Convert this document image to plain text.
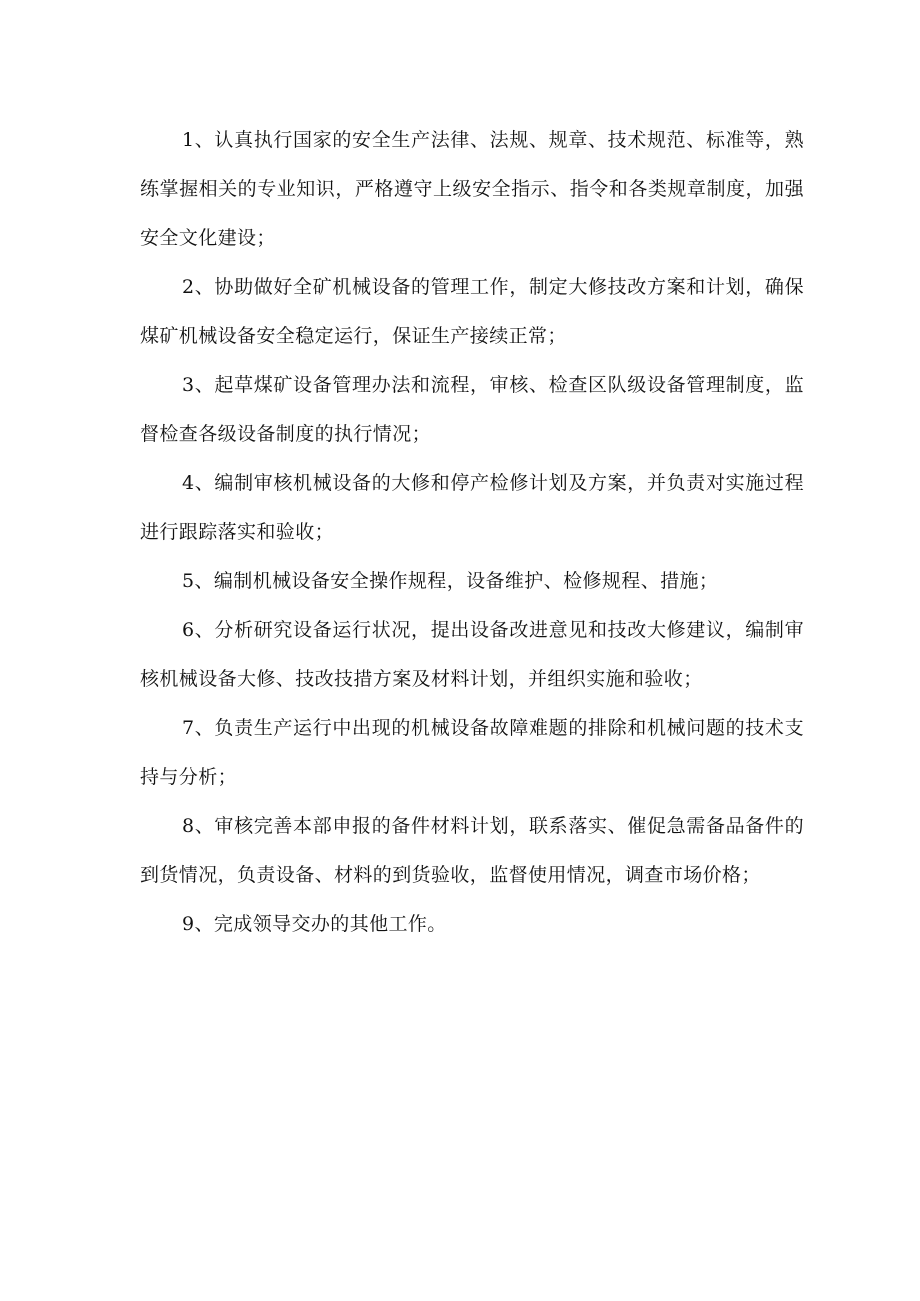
1、认真执行国家的安全生产法律、法规、规章、技术规范、标准等，熟练掌握相关的专业知识，严格遵守上级安全指示、指令和各类规章制度，加强安全文化建设；

2、协助做好全矿机械设备的管理工作，制定大修技改方案和计划，确保煤矿机械设备安全稳定运行，保证生产接续正常；

3、起草煤矿设备管理办法和流程，审核、检查区队级设备管理制度，监督检查各级设备制度的执行情况；

4、编制审核机械设备的大修和停产检修计划及方案，并负责对实施过程进行跟踪落实和验收；

5、编制机械设备安全操作规程，设备维护、检修规程、措施；

6、分析研究设备运行状况，提出设备改进意见和技改大修建议，编制审核机械设备大修、技改技措方案及材料计划，并组织实施和验收；

7、负责生产运行中出现的机械设备故障难题的排除和机械问题的技术支持与分析；

8、审核完善本部申报的备件材料计划，联系落实、催促急需备品备件的到货情况，负责设备、材料的到货验收，监督使用情况，调查市场价格；

9、完成领导交办的其他工作。
